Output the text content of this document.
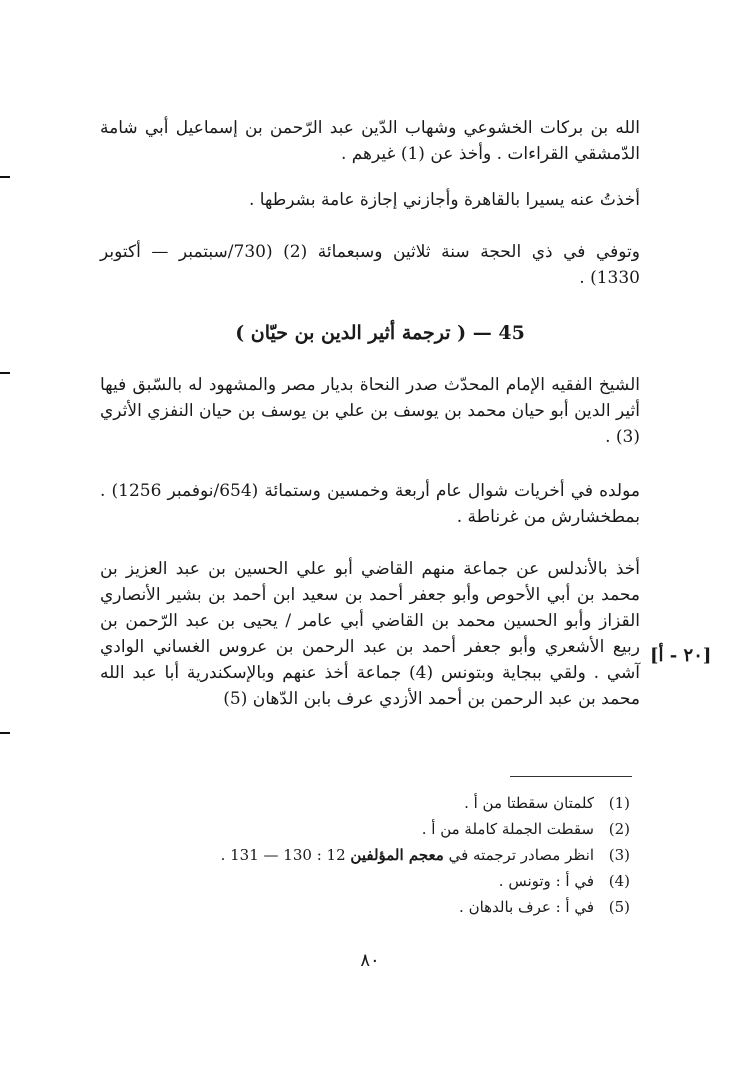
الله بن بركات الخشوعي وشهاب الدّين عبد الرّحمن بن إسماعيل أبي شامة الدّمشقي القراءات . وأخذ عن (1) غيرهم .

أخذتُ عنه يسيرا بالقاهرة وأجازني إجازة عامة بشرطها .

وتوفي في ذي الحجة سنة ثلاثين وسبعمائة (2) (730/سبتمبر — أكتوبر 1330) .

45 — ( ترجمة أثير الدين بن حيّان )

الشيخ الفقيه الإمام المحدّث صدر النحاة بديار مصر والمشهود له بالسّبق فيها أثير الدين أبو حيان محمد بن يوسف بن علي بن يوسف بن حيان النفزي الأثري (3) .

مولده في أخريات شوال عام أربعة وخمسين وستمائة (654/نوفمبر 1256) . بمطخشارش من غرناطة .

أخذ بالأندلس عن جماعة منهم القاضي أبو علي الحسين بن عبد العزيز بن محمد بن أبي الأحوص وأبو جعفر أحمد بن سعيد ابن أحمد بن بشير الأنصاري القزاز وأبو الحسين محمد بن القاضي أبي عامر / يحيى بن عبد الرّحمن بن ربيع الأشعري وأبو جعفر أحمد بن عبد الرحمن بن عروس الغساني الوادي آشي . ولقي ببجاية وبتونس (4) جماعة أخذ عنهم وبالإسكندرية أبا عبد الله محمد بن عبد الرحمن بن أحمد الأزدي عرف بابن الدّهان (5)

[٢٠ - أ]
(1)
كلمتان سقطتا من أ .
(2)
سقطت الجملة كاملة من أ .
(3)
انظر مصادر ترجمته في معجم المؤلفين 12 : 130 — 131 .
(4)
في أ : وتونس .
(5)
في أ : عرف بالدهان .
٨٠
